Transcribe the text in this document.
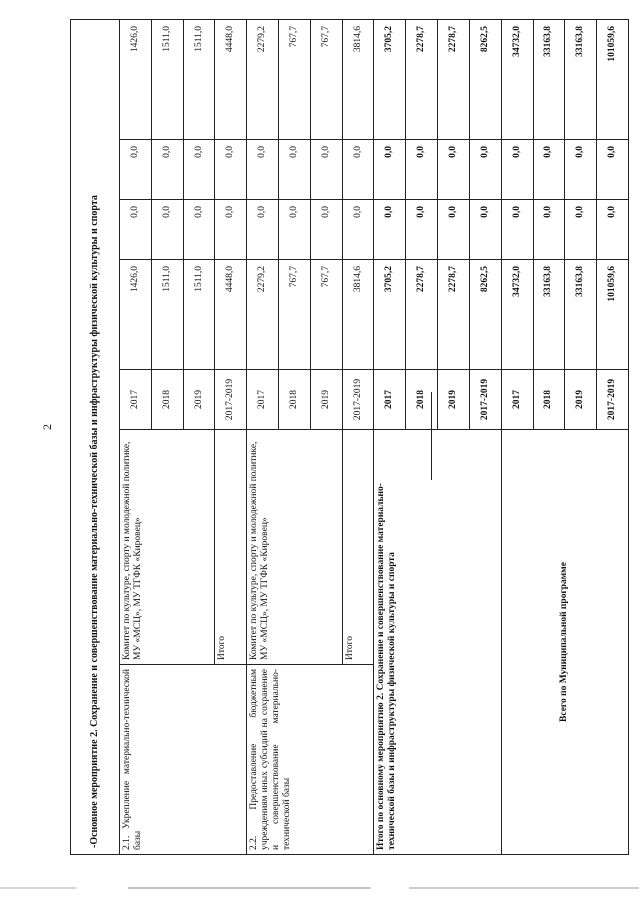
2	-Основное мероприятие 2. Сохранение и совершенствование материально-технической базы и инфраструктуры физической культуры и спорта						
2.1. Укрепление материально-технической базы	Комитет по культуре, спорту и молодежной политике, МУ «МСЦ», МУ ТГФК «Кировец»	2017	1426,0	0,0	0,0	1426,0
		2018	1511,0	0,0	0,0	1511,0
		2019	1511,0	0,0	0,0	1511,0
	Итого	2017-2019	4448,0	0,0	0,0	4448,0
2.2. Предоставление бюджетным учреждениям иных субсидий на сохранение и совершенствование материально-технической базы	Комитет по культуре, спорту и молодежной политике, МУ «МСЦ», МУ ТГФК «Кировец»	2017	2279,2	0,0	0,0	2279,2
		2018	767,7	0,0	0,0	767,7
		2019	767,7	0,0	0,0	767,7
	Итого	2017-2019	3814,6	0,0	0,0	3814,6
Итого по основному мероприятию 2. Сохранение и совершенствование материально-технической базы и инфраструктуры физической культуры и спорта		2017	3705,2	0,0	0,0	3705,2
		2018	2278,7	0,0	0,0	2278,7
		2019	2278,7	0,0	0,0	2278,7
		2017-2019	8262,5	0,0	0,0	8262,5
Всего по Муниципальной программе		2017	34732,0	0,0	0,0	34732,0
		2018	33163,8	0,0	0,0	33163,8
		2019	33163,8	0,0	0,0	33163,8
		2017-2019	101059,6	0,0	0,0	101059,6
